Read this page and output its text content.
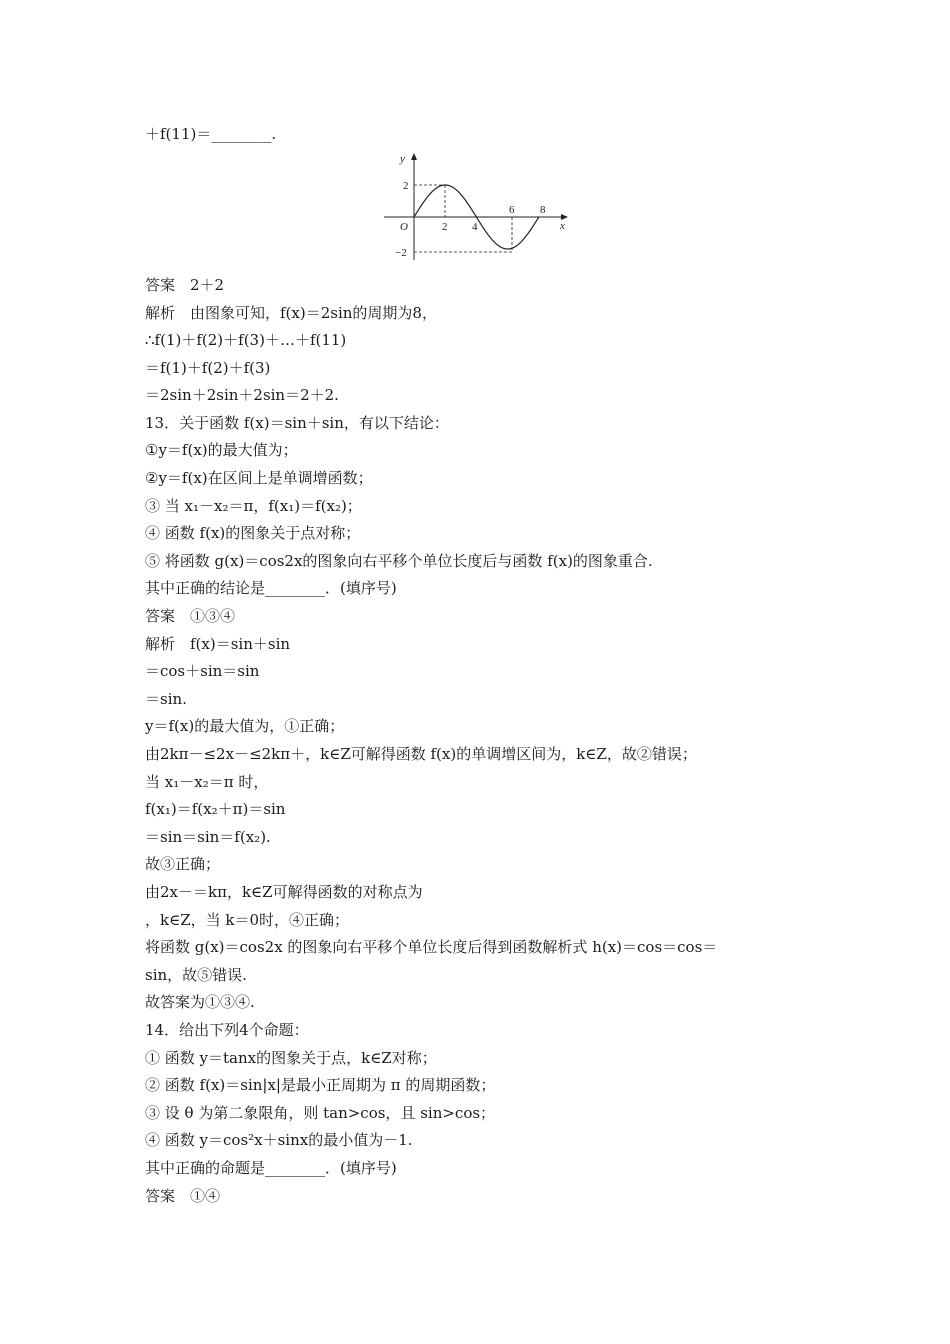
＋f(11)＝________.
y
x
O
2
−2
2 4
6 8
答案　2＋2
解析　由图象可知，f(x)＝2sin的周期为8，
∴f(1)＋f(2)＋f(3)＋…＋f(11)
＝f(1)＋f(2)＋f(3)
＝2sin＋2sin＋2sin＝2＋2.
13．关于函数 f(x)＝sin＋sin，有以下结论：
①y＝f(x)的最大值为；
②y＝f(x)在区间上是单调增函数；
③ 当 x₁－x₂＝π，f(x₁)＝f(x₂)；
④ 函数 f(x)的图象关于点对称；
⑤ 将函数 g(x)＝cos2x的图象向右平移个单位长度后与函数 f(x)的图象重合.
其中正确的结论是________．(填序号)
答案　①③④
解析　f(x)＝sin＋sin
＝cos＋sin＝sin
＝sin.
y＝f(x)的最大值为，①正确；
由2kπ－≤2x－≤2kπ＋，k∈Z可解得函数 f(x)的单调增区间为，k∈Z，故②错误；
当 x₁－x₂＝π 时，
f(x₁)＝f(x₂＋π)＝sin
＝sin＝sin＝f(x₂).
故③正确；
由2x－＝kπ，k∈Z可解得函数的对称点为
，k∈Z，当 k＝0时，④正确；
将函数 g(x)＝cos2x 的图象向右平移个单位长度后得到函数解析式 h(x)＝cos＝cos＝
sin，故⑤错误.
故答案为①③④.
14．给出下列4个命题：
① 函数 y＝tanx的图象关于点，k∈Z对称；
② 函数 f(x)＝sin|x|是最小正周期为 π 的周期函数；
③ 设 θ 为第二象限角，则 tan>cos，且 sin>cos；
④ 函数 y＝cos²x＋sinx的最小值为－1.
其中正确的命题是________．(填序号)
答案　①④
